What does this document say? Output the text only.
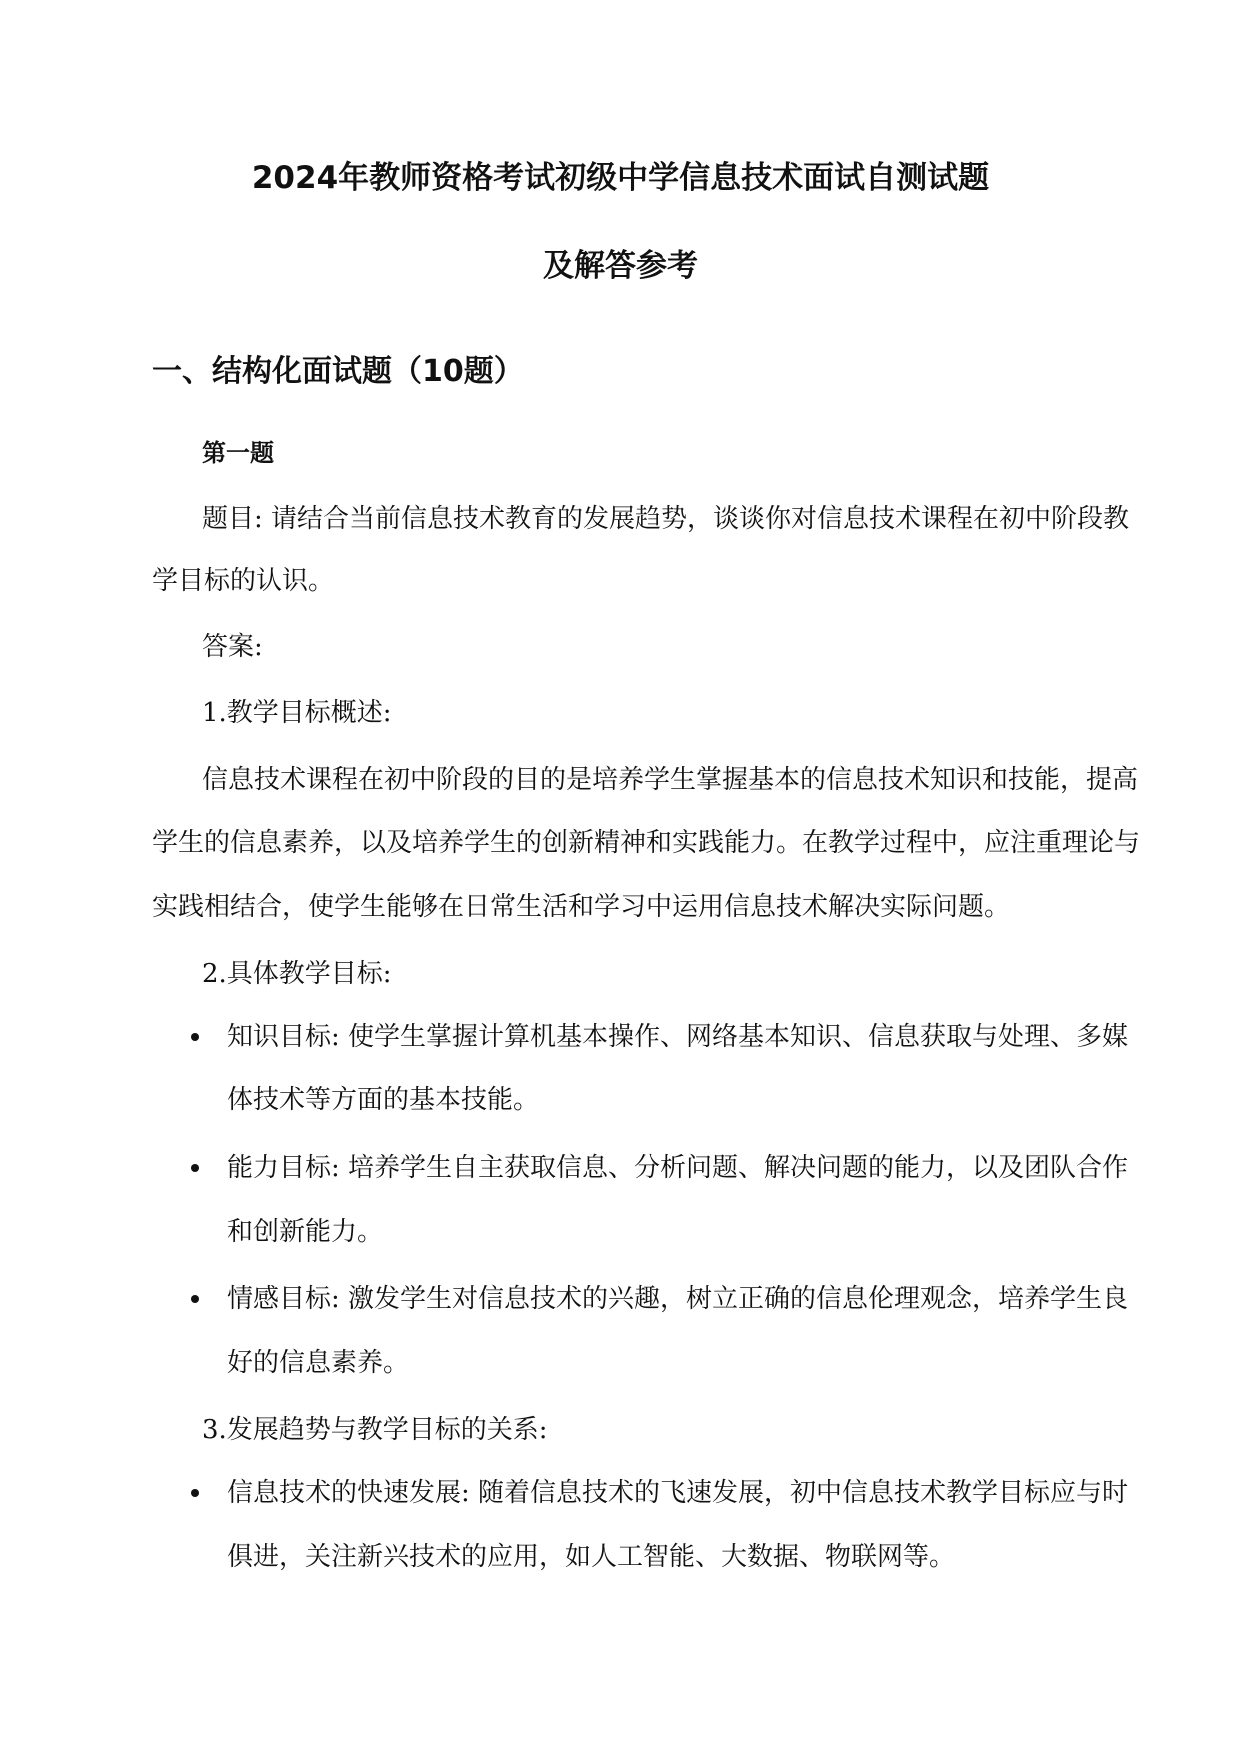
2024年教师资格考试初级中学信息技术面试自测试题
及解答参考
一、结构化面试题（10题）
第一题
题目: 请结合当前信息技术教育的发展趋势，谈谈你对信息技术课程在初中阶段教
学目标的认识。
答案:
1.教学目标概述:
信息技术课程在初中阶段的目的是培养学生掌握基本的信息技术知识和技能，提高
学生的信息素养，以及培养学生的创新精神和实践能力。在教学过程中，应注重理论与
实践相结合，使学生能够在日常生活和学习中运用信息技术解决实际问题。
2.具体教学目标:
知识目标: 使学生掌握计算机基本操作、网络基本知识、信息获取与处理、多媒
体技术等方面的基本技能。
能力目标: 培养学生自主获取信息、分析问题、解决问题的能力，以及团队合作
和创新能力。
情感目标: 激发学生对信息技术的兴趣，树立正确的信息伦理观念，培养学生良
好的信息素养。
3.发展趋势与教学目标的关系:
信息技术的快速发展: 随着信息技术的飞速发展，初中信息技术教学目标应与时
俱进，关注新兴技术的应用，如人工智能、大数据、物联网等。
